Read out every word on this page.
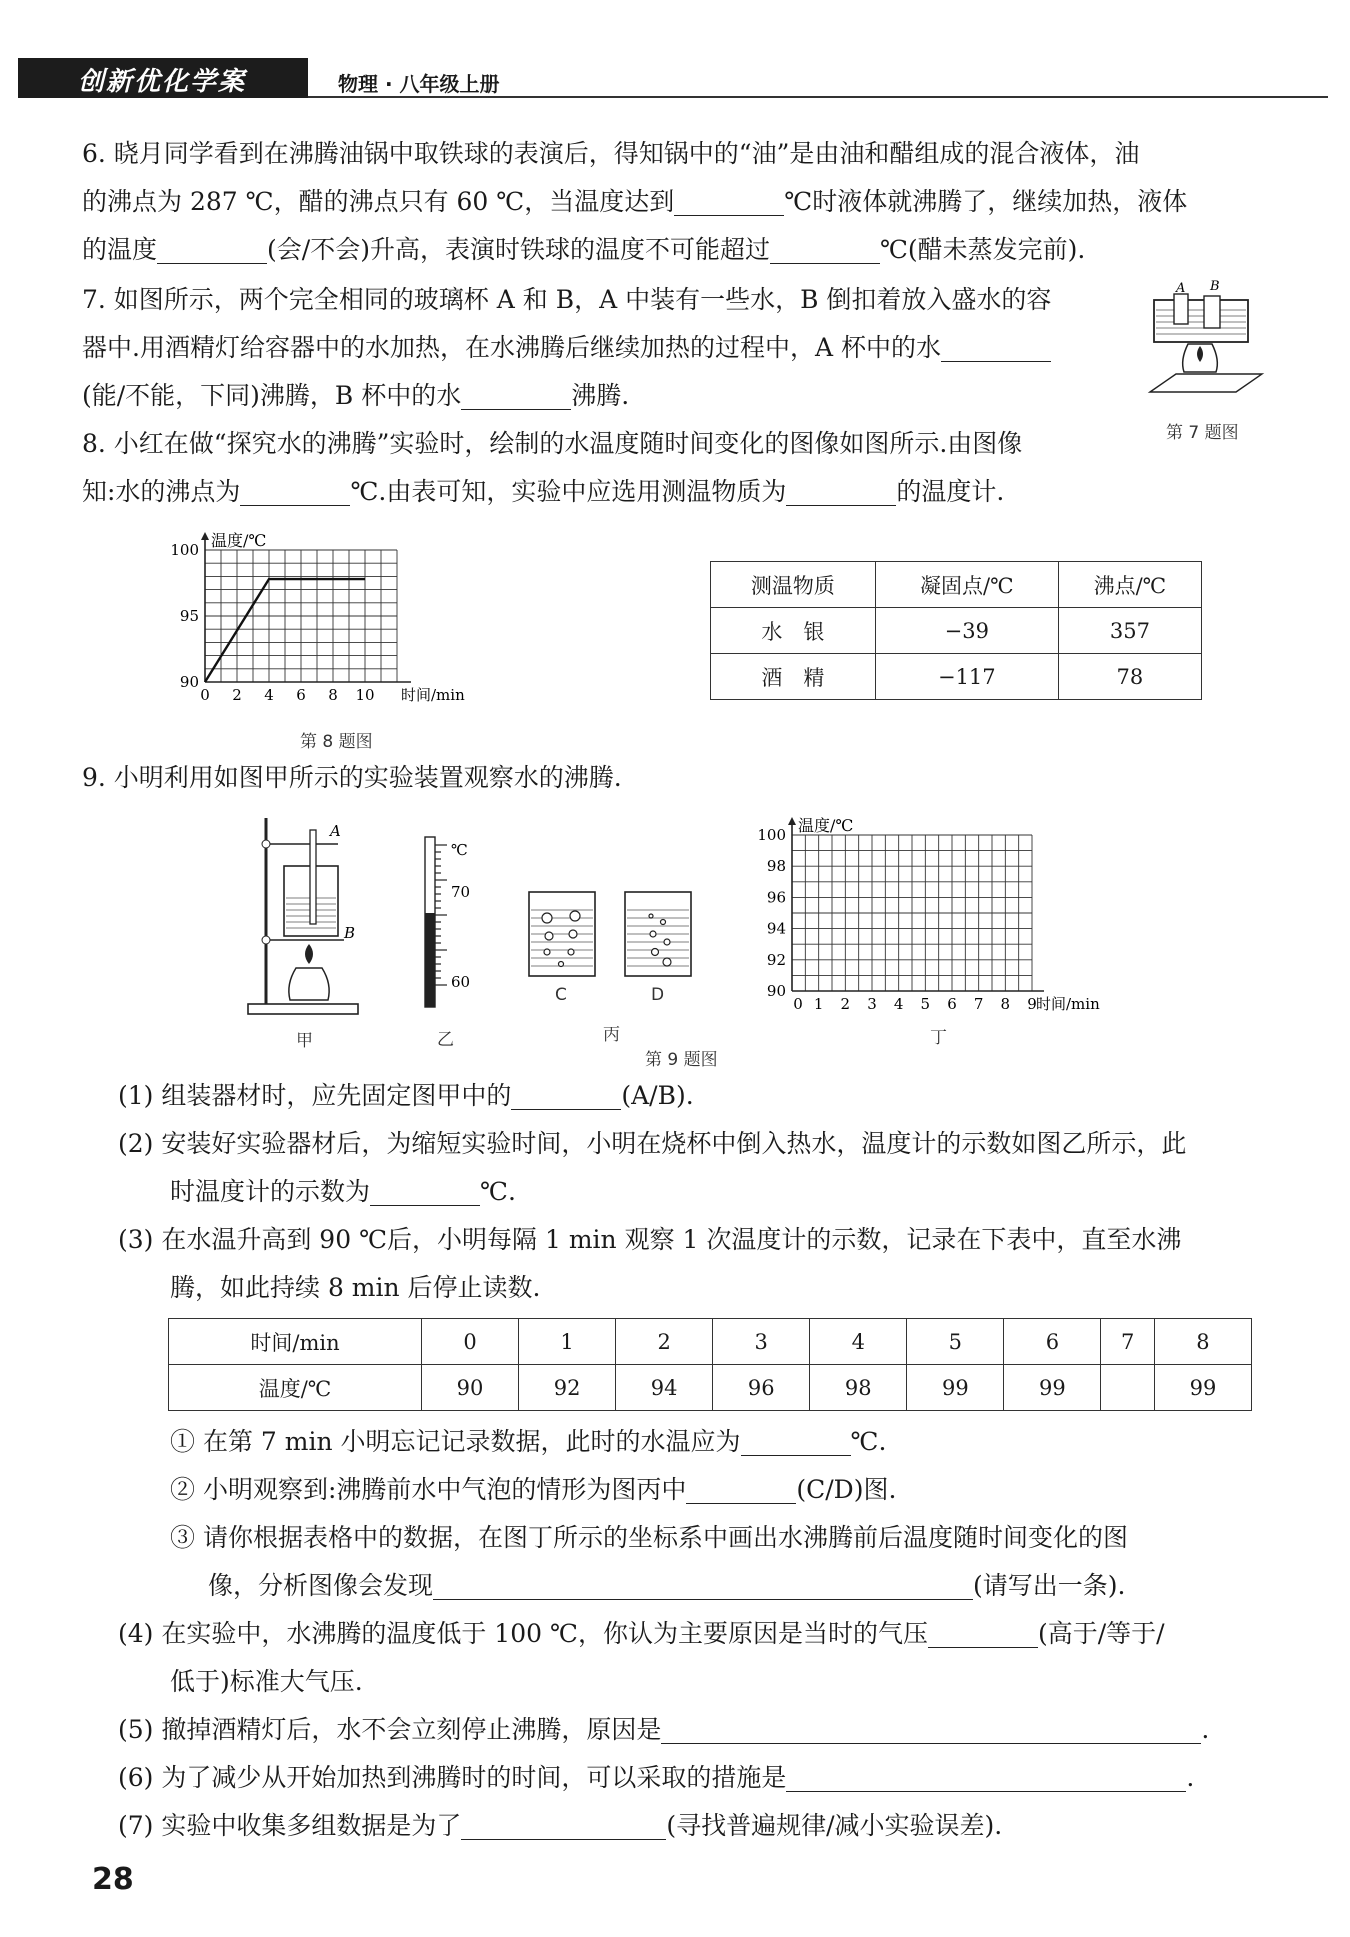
创新优化学案	物理 · 八年级上册
6. 晓月同学看到在沸腾油锅中取铁球的表演后，得知锅中的“油”是由油和醋组成的混合液体，油
的沸点为 287 ℃，醋的沸点只有 60 ℃，当温度达到	℃时液体就沸腾了，继续加热，液体
的温度	(会/不会)升高，表演时铁球的温度不可能超过	℃(醋未蒸发完前).
7. 如图所示，两个完全相同的玻璃杯 A 和 B，A 中装有一些水，B 倒扣着放入盛水的容
器中.用酒精灯给容器中的水加热，在水沸腾后继续加热的过程中，A 杯中的水
(能/不能，下同)沸腾，B 杯中的水	沸腾.
A B
第 7 题图
8. 小红在做“探究水的沸腾”实验时，绘制的水温度随时间变化的图像如图所示.由图像
知:水的沸点为	℃.由表可知，实验中应选用测温物质为	的温度计.
90
95
100
0 2 4 6 8 10
温度/℃
时间/min
第 8 题图
测温物质	凝固点/℃	沸点/℃
水　银	−39	357
酒　精	−117	78
9. 小明利用如图甲所示的实验装置观察水的沸腾.
A
B
甲
℃
70
60
乙
C	D
丙
90
92
94
96
98
100
0 1 2 3 4 5 6 7 8 9
温度/℃
时间/min
丁
第 9 题图
(1) 组装器材时，应先固定图甲中的	(A/B).
(2) 安装好实验器材后，为缩短实验时间，小明在烧杯中倒入热水，温度计的示数如图乙所示，此
时温度计的示数为	℃.
(3) 在水温升高到 90 ℃后，小明每隔 1 min 观察 1 次温度计的示数，记录在下表中，直至水沸
腾，如此持续 8 min 后停止读数.
时间/min	0	1	2	3	4	5	6	7	8
温度/℃	90	92	94	96	98	99	99		99
① 在第 7 min 小明忘记记录数据，此时的水温应为	℃.
② 小明观察到:沸腾前水中气泡的情形为图丙中	(C/D)图.
③ 请你根据表格中的数据，在图丁所示的坐标系中画出水沸腾前后温度随时间变化的图
像，分析图像会发现	(请写出一条).
(4) 在实验中，水沸腾的温度低于 100 ℃，你认为主要原因是当时的气压	(高于/等于/
低于)标准大气压.
(5) 撤掉酒精灯后，水不会立刻停止沸腾，原因是	.
(6) 为了减少从开始加热到沸腾时的时间，可以采取的措施是	.
(7) 实验中收集多组数据是为了	(寻找普遍规律/减小实验误差).
28
